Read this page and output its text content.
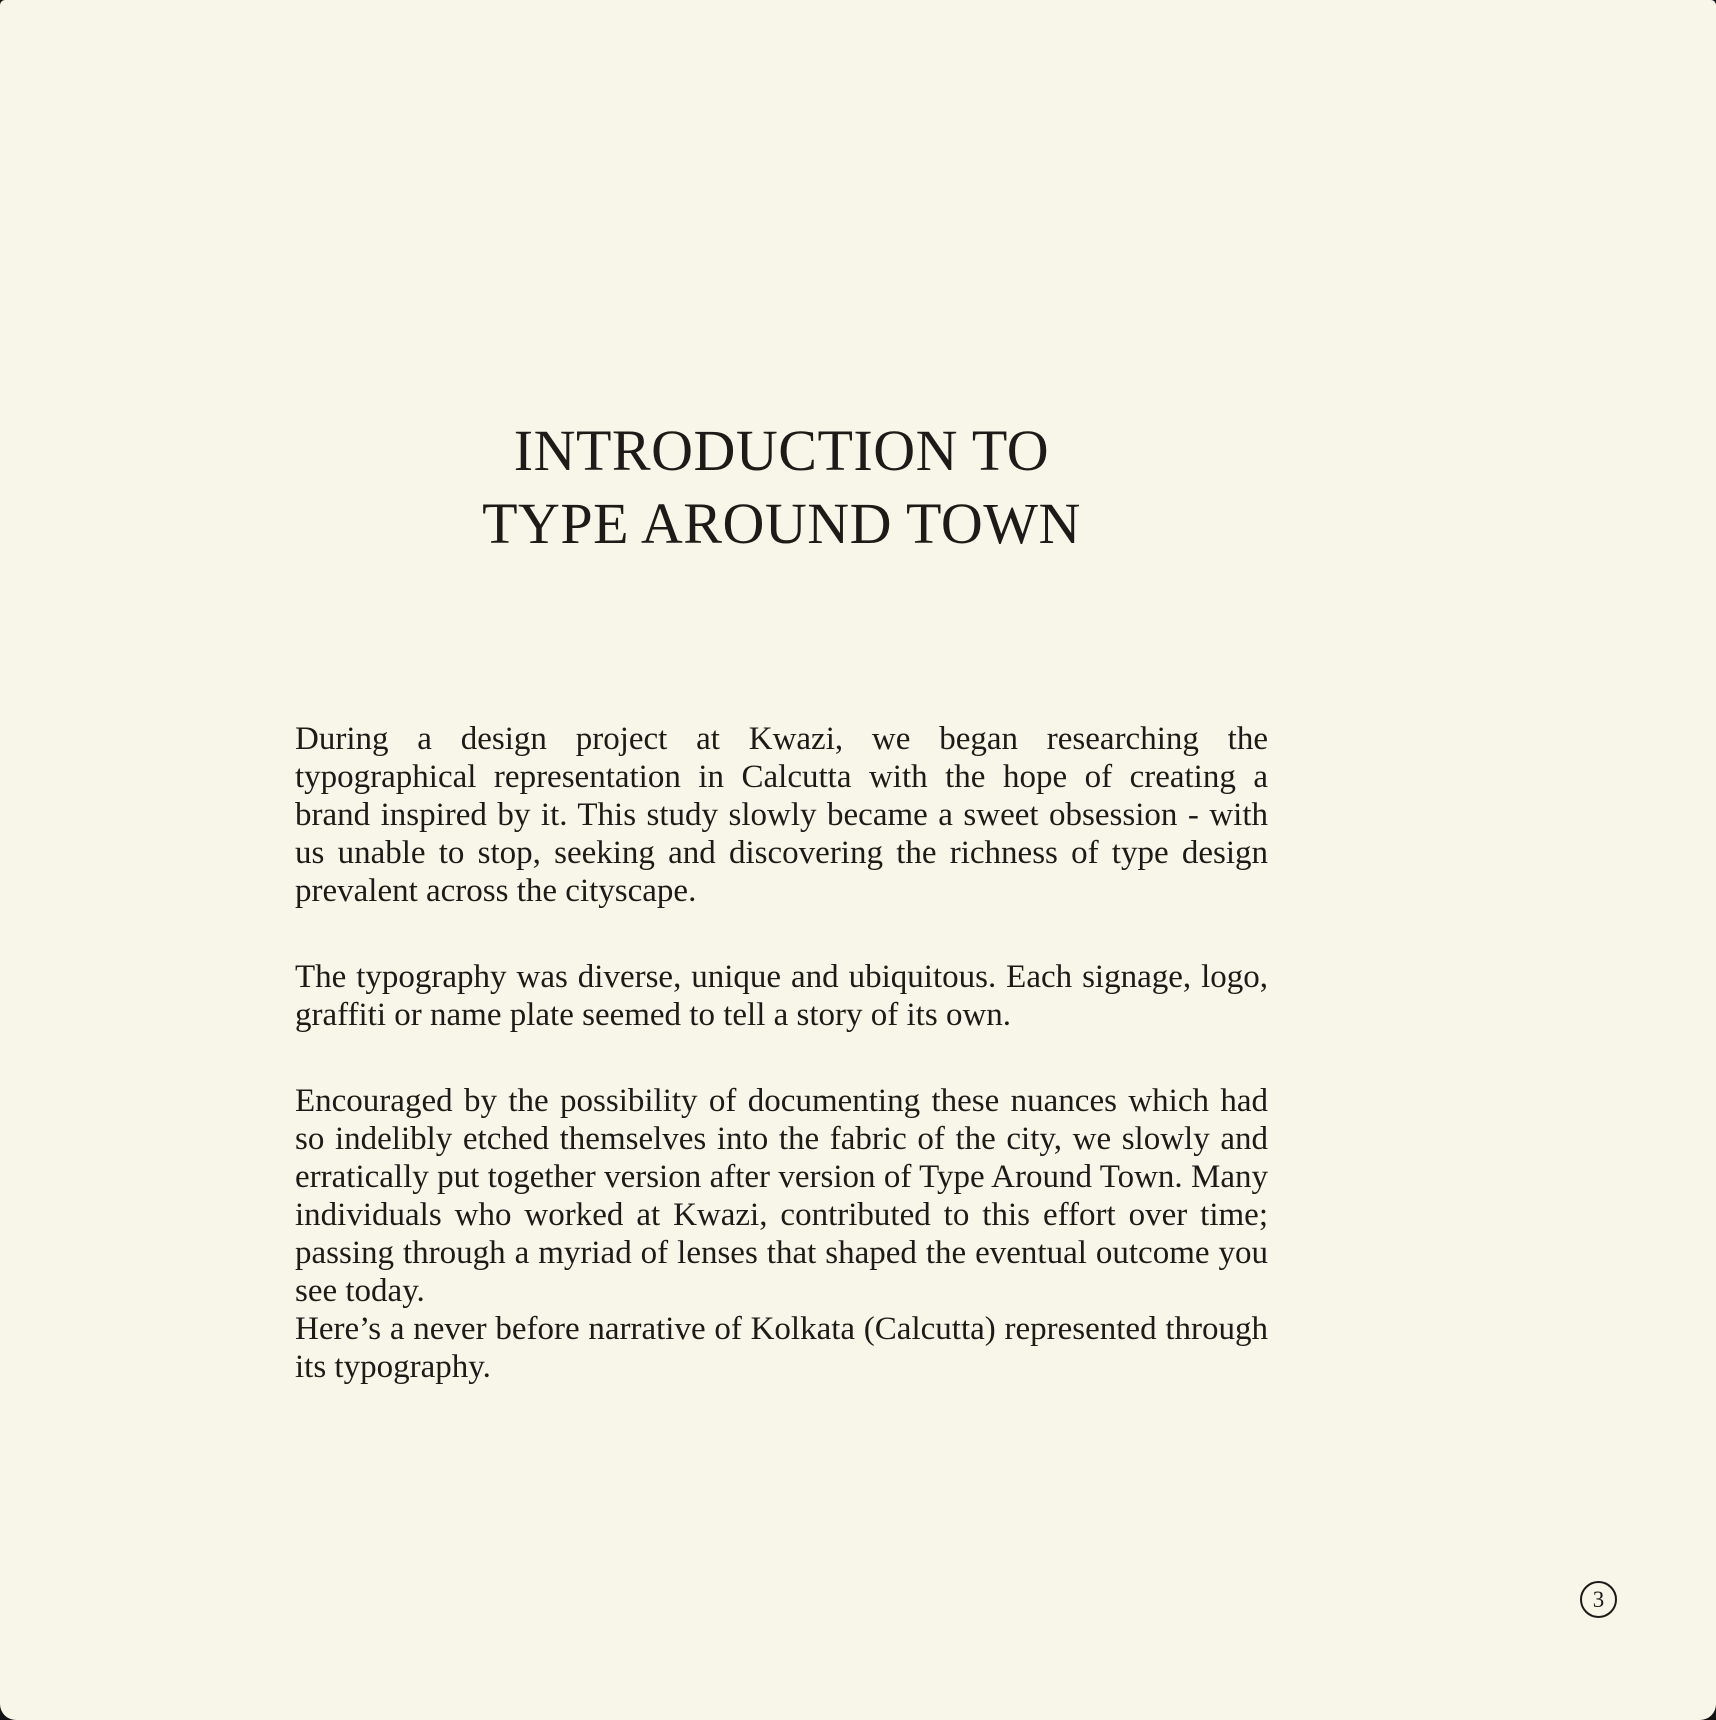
INTRODUCTION TO
TYPE AROUND TOWN

During a design project at Kwazi, we began researching the typographical representation in Calcutta with the hope of creating a brand inspired by it. This study slowly became a sweet obsession - with us unable to stop, seeking and discovering the richness of type design prevalent across the cityscape.

The typography was diverse, unique and ubiquitous. Each signage, logo, graffiti or name plate seemed to tell a story of its own.

Encouraged by the possibility of documenting these nuances which had so indelibly etched themselves into the fabric of the city, we slowly and erratically put together version after version of Type Around Town. Many individuals who worked at Kwazi, contributed to this effort over time; passing through a myriad of lenses that shaped the eventual outcome you see today.

Here’s a never before narrative of Kolkata (Calcutta) represented through its typography.

3
